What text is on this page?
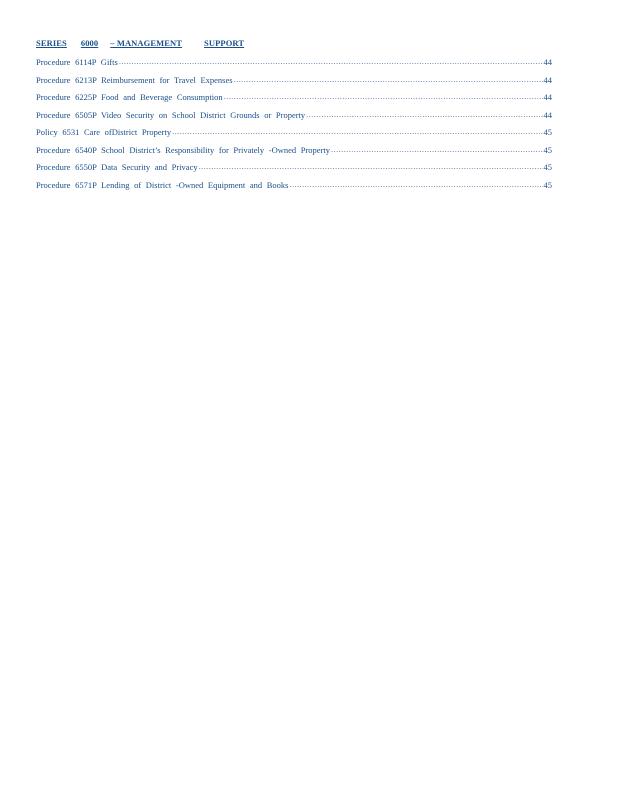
SERIES 6000 – MANAGEMENT	SUPPORT
Procedure 6114P Gifts .....	44
Procedure 6213P Reimbursement for Travel Expenses .....	44
Procedure 6225P Food and Beverage Consumption .....	44
Procedure 6505P Video Security on School District Grounds or Property .....	44
Policy 6531 Care ofDistrict Property .....	45
Procedure 6540P School District’s Responsibility for Privately -Owned Property .....	45
Procedure 6550P Data Security and Privacy .....	45
Procedure 6571P Lending of District -Owned Equipment and Books .....	45
